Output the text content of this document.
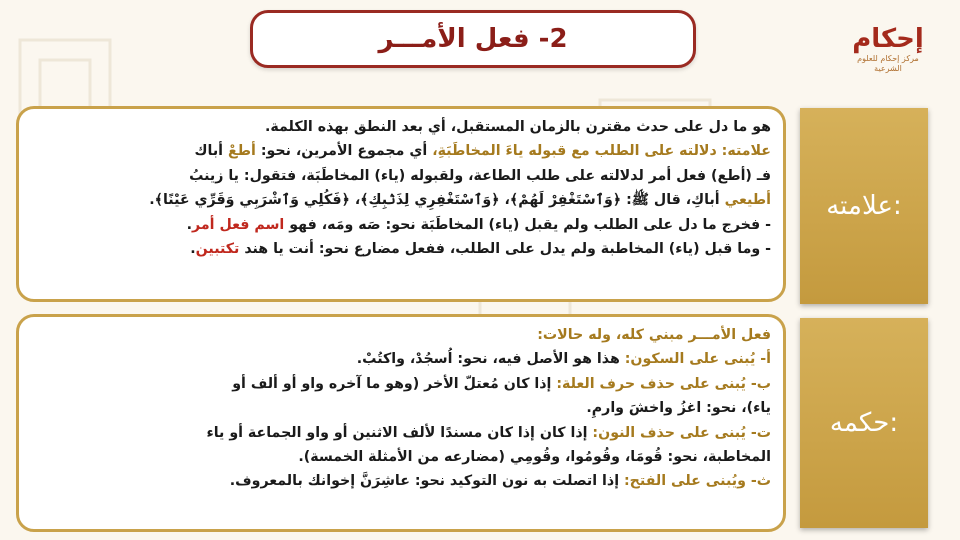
2- فعل الأمـــر	إحكام
مركز إحكام للعلوم الشرعية
علامته:
هو ما دل على حدث مقترن بالزمان المستقبل، أي بعد النطق بهذه الكلمة.
علامته: دلالته على الطلب مع قبوله ياءَ المخاطَبَةِ، أي مجموع الأمرين، نحو: أطعْ أباك
فـ (أطع) فعل أمر لدلالته على طلب الطاعة، ولقبوله (ياء) المخاطَبَة، فتقول: يا زينبُ
أطيعي أباكِ، قال ﷺ: ﴿وَٱسْتَغْفِرْ لَهُمْ﴾، ﴿وَٱسْتَغْفِرِي لِذَنۢبِكِ﴾، ﴿فَكُلِي وَٱشْرَبِي وَقَرِّي عَيْنًا﴾.
- فخرج ما دل على الطلب ولم يقبل (ياء) المخاطَبَة نحو: صَه ومَه، فهو اسم فعل أمر.
- وما قبل (ياء) المخاطبة ولم يدل على الطلب، ففعل مضارع نحو: أنت يا هند تكتبين.
حكمه:
فعل الأمـــر مبني كله، وله حالات:
أ- يُبنى على السكون: هذا هو الأصل فيه، نحو: اُسجُدْ، واكتُبْ.
ب- يُبنى على حذف حرف العلة: إذا كان مُعتلّ الأخر (وهو ما آخره واو أو ألف أو
ياء)، نحو: اغزُ واخشَ وارمِ.
ت- يُبنى على حذف النون: إذا كان إذا كان مسندًا لألف الاثنين أو واو الجماعة أو ياء
المخاطبة، نحو: قُومَا، وقُومُوا، وقُومِي (مضارعه من الأمثلة الخمسة).
ث- ويُبنى على الفتح: إذا اتصلت به نون التوكيد نحو: عاشِرَنَّ إخوانك بالمعروف.
